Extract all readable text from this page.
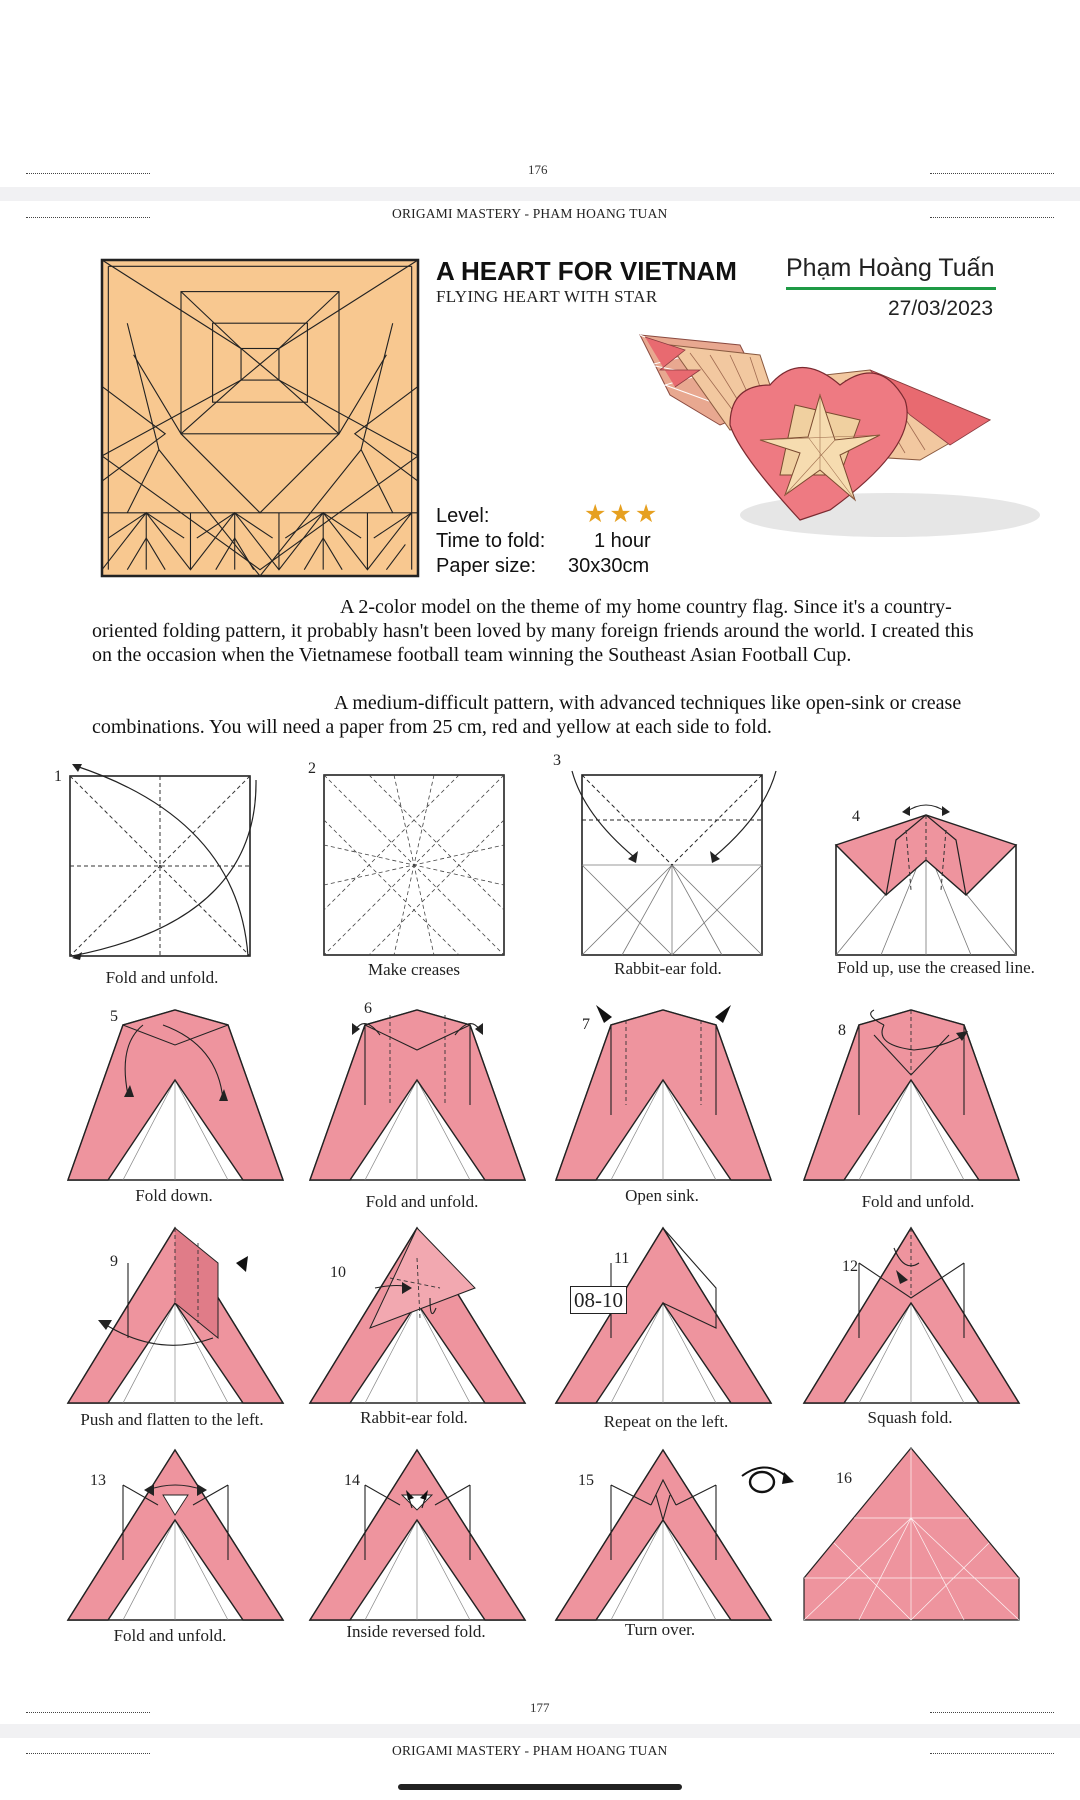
176
ORIGAMI MASTERY - PHAM HOANG TUAN
A HEART FOR VIETNAM
FLYING HEART WITH STAR
Phạm Hoàng Tuấn
27/03/2023
Level:	★★★
Time to fold: 1 hour
Paper size: 30x30cm
A 2-color model on the theme of my home country flag. Since it's a country-oriented folding pattern, it probably hasn't been loved by many foreign friends around the world. I created this on the occasion when the Vietnamese football team winning the Southeast Asian Football Cup.
A medium-difficult pattern, with advanced techniques like open-sink or crease combinations. You will need a paper from 25 cm, red and yellow at each side to fold.
1
Fold and unfold.
2
Make creases
3
Rabbit-ear fold.
4
Fold up, use the creased line.
5
Fold down.
6
Fold and unfold.
7
Open sink.
8
Fold and unfold.
9
Push and flatten to the left.
10
Rabbit-ear fold.
11
08-10
Repeat on the left.
12
Squash fold.
13
Fold and unfold.
14
Inside reversed fold.
15
Turn over.
16
177
ORIGAMI MASTERY - PHAM HOANG TUAN
